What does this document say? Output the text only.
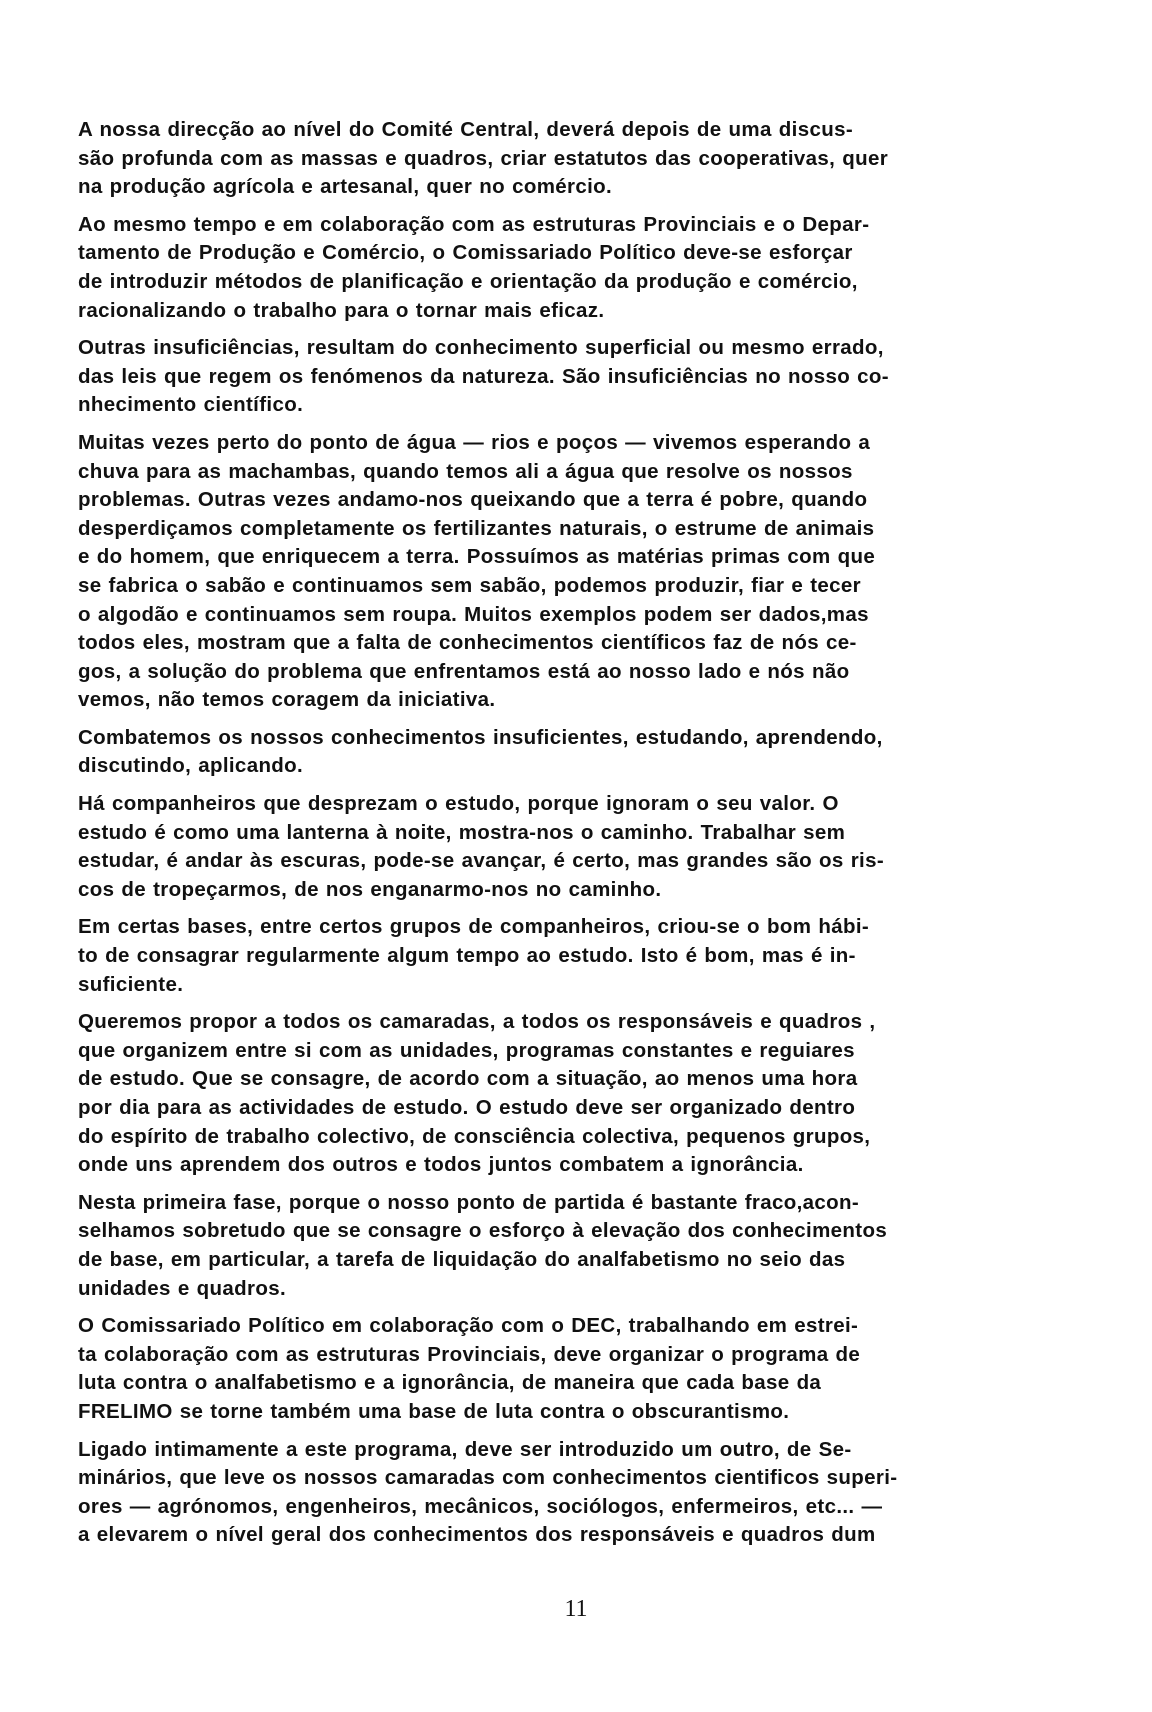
A nossa direcção ao nível do Comité Central, deverá depois de uma discus-
são profunda com as massas e quadros, criar estatutos das cooperativas, quer
na produção agrícola e artesanal, quer no comércio.

Ao mesmo tempo e em colaboração com as estruturas Provinciais e o Depar-
tamento de Produção e Comércio, o Comissariado Político deve-se esforçar
de introduzir métodos de planificação e orientação da produção e comércio,
racionalizando o trabalho para o tornar mais eficaz.

Outras insuficiências, resultam do conhecimento superficial ou mesmo errado,
das leis que regem os fenómenos da natureza. São insuficiências no nosso co-
nhecimento científico.

Muitas vezes perto do ponto de água — rios e poços — vivemos esperando a
chuva para as machambas, quando temos ali a água que resolve os nossos
problemas. Outras vezes andamo-nos queixando que a terra é pobre, quando
desperdiçamos completamente os fertilizantes naturais, o estrume de animais
e do homem, que enriquecem a terra. Possuímos as matérias primas com que
se fabrica o sabão e continuamos sem sabão, podemos produzir, fiar e tecer
o algodão e continuamos sem roupa. Muitos exemplos podem ser dados,mas
todos eles, mostram que a falta de conhecimentos científicos faz de nós ce-
gos, a solução do problema que enfrentamos está ao nosso lado e nós não
vemos, não temos coragem da iniciativa.

Combatemos os nossos conhecimentos insuficientes, estudando, aprendendo,
discutindo, aplicando.

Há companheiros que desprezam o estudo, porque ignoram o seu valor. O
estudo é como uma lanterna à noite, mostra-nos o caminho. Trabalhar sem
estudar, é andar às escuras, pode-se avançar, é certo, mas grandes são os ris-
cos de tropeçarmos, de nos enganarmo-nos no caminho.

Em certas bases, entre certos grupos de companheiros, criou-se o bom hábi-
to de consagrar regularmente algum tempo ao estudo. Isto é bom, mas é in-
suficiente.

Queremos propor a todos os camaradas, a todos os responsáveis e quadros ,
que organizem entre si com as unidades, programas constantes e reguiares
de estudo. Que se consagre, de acordo com a situação, ao menos uma hora
por dia para as actividades de estudo. O estudo deve ser organizado dentro
do espírito de trabalho colectivo, de consciência colectiva, pequenos grupos,
onde uns aprendem dos outros e todos juntos combatem a ignorância.

Nesta primeira fase, porque o nosso ponto de partida é bastante fraco,acon-
selhamos sobretudo que se consagre o esforço à elevação dos conhecimentos
de base, em particular, a tarefa de liquidação do analfabetismo no seio das
unidades e quadros.

O Comissariado Político em colaboração com o DEC, trabalhando em estrei-
ta colaboração com as estruturas Provinciais, deve organizar o programa de
luta contra o analfabetismo e a ignorância, de maneira que cada base da
FRELIMO se torne também uma base de luta contra o obscurantismo.

Ligado intimamente a este programa, deve ser introduzido um outro, de Se-
minários, que leve os nossos camaradas com conhecimentos cientificos superi-
ores — agrónomos, engenheiros, mecânicos, sociólogos, enfermeiros, etc... —
a elevarem o nível geral dos conhecimentos dos responsáveis e quadros dum

11
